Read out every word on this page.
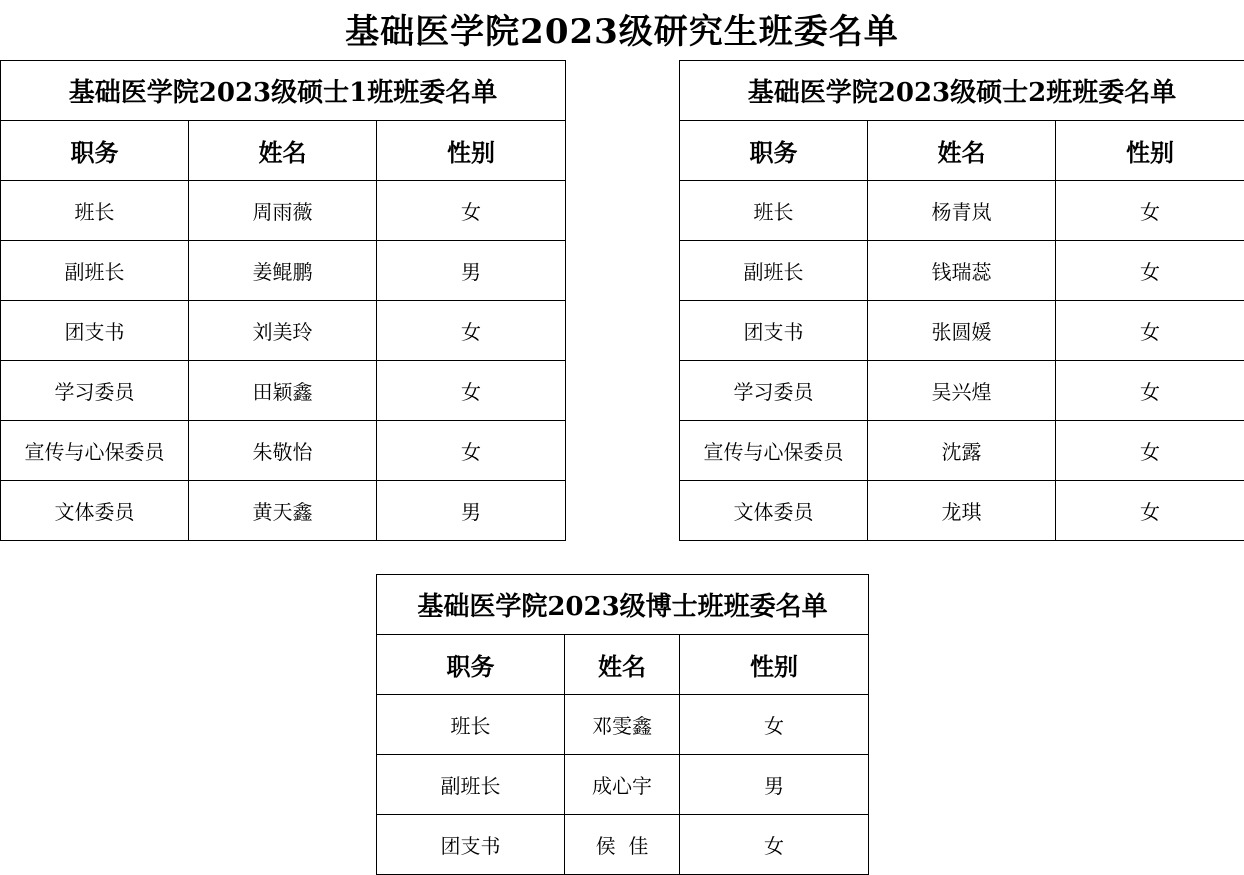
基础医学院2023级研究生班委名单
基础医学院2023级硕士1班班委名单		
职务	姓名	性别
班长	周雨薇	女
副班长	姜鲲鹏	男
团支书	刘美玲	女
学习委员	田颖鑫	女
宣传与心保委员	朱敬怡	女
文体委员	黄天鑫	男
基础医学院2023级硕士2班班委名单		
职务	姓名	性别
班长	杨青岚	女
副班长	钱瑞蕊	女
团支书	张圆媛	女
学习委员	吴兴煌	女
宣传与心保委员	沈露	女
文体委员	龙琪	女
基础医学院2023级博士班班委名单		
职务	姓名	性别
班长	邓雯鑫	女
副班长	成心宇	男
团支书	侯  佳	女
